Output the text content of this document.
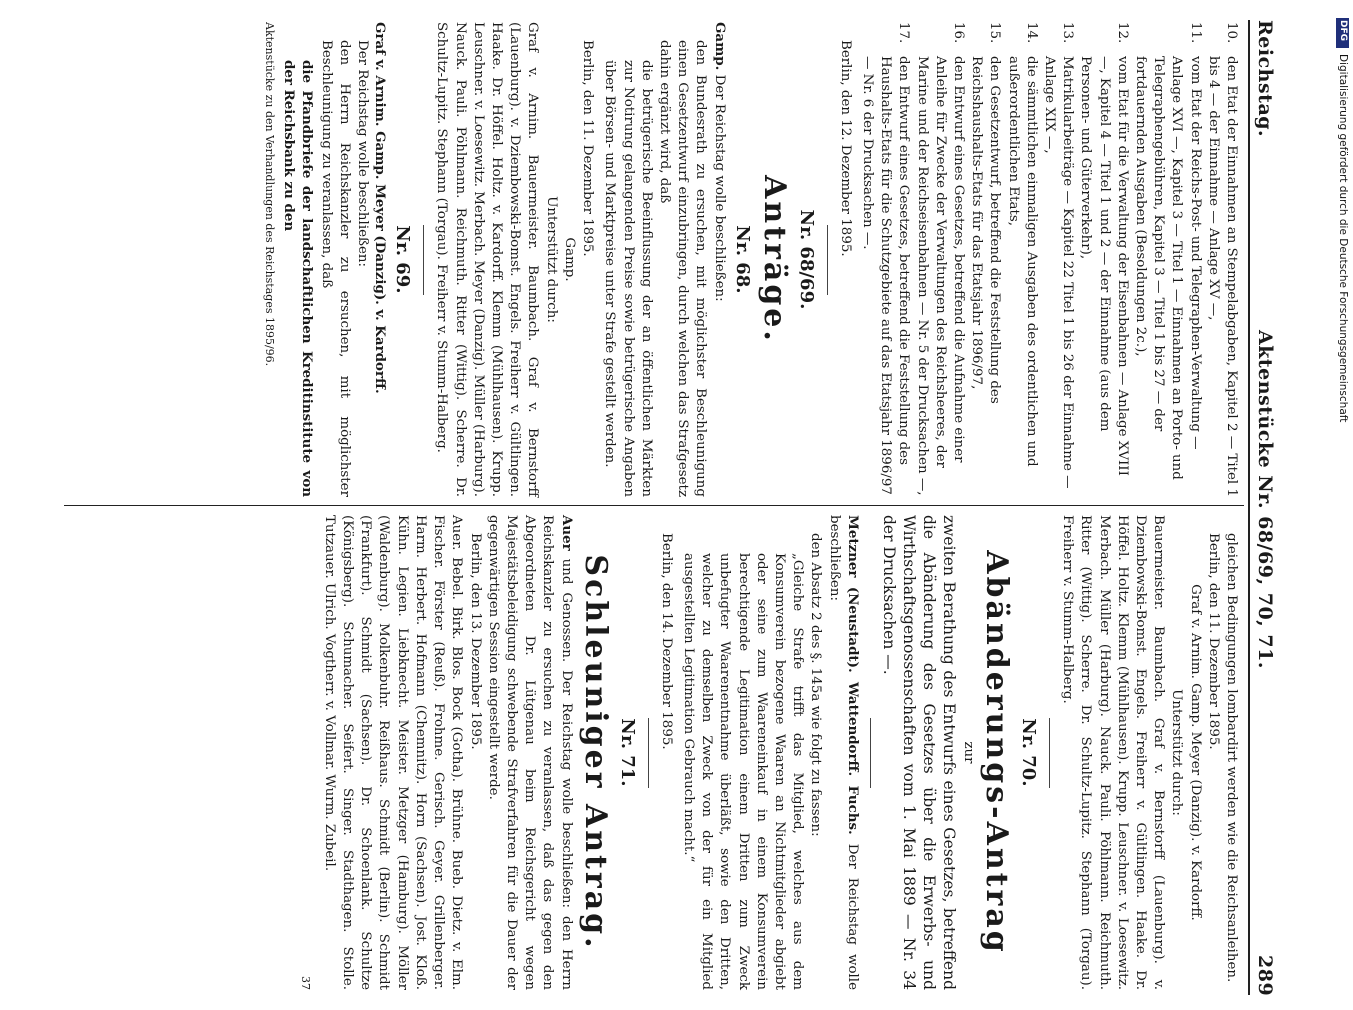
Reichstag.
Aktenstücke Nr. 68/69, 70, 71.
289

10.
den Etat der Einnahmen an Stempelabgaben, Kapitel 2 — Titel 1 bis 4 — der Einnahme — Anlage XV —,

11.
vom Etat der Reichs-Post- und Telegraphen-Verwaltung — Anlage XVI —, Kapitel 3 — Titel 1 — Einnahmen an Porto- und Telegraphengebühren, Kapitel 3 — Titel 1 bis 27 — der fortdauernden Ausgaben (Besoldungen 2c.),

12.
vom Etat für die Verwaltung der Eisenbahnen — Anlage XVIII —, Kapitel 4 — Titel 1 und 2 — der Einnahme (aus dem Personen- und Güterverkehr),

13.
Matrikularbeiträge — Kapitel 22 Titel 1 bis 26 der Einnahme — Anlage XIX —,

14.
die sämmtlichen einmaligen Ausgaben des ordentlichen und außerordentlichen Etats,

15.
den Gesetzentwurf, betreffend die Feststellung des Reichshaushalts-Etats für das Etatsjahr 1896/97,

16.
den Entwurf eines Gesetzes, betreffend die Aufnahme einer Anleihe für Zwecke der Verwaltungen des Reichsheeres, der Marine und der Reichseisenbahnen — Nr. 5 der Drucksachen —,

17.
den Entwurf eines Gesetzes, betreffend die Feststellung des Haushalts-Etats für die Schutzgebiete auf das Etatsjahr 1896/97 — Nr. 6 der Drucksachen —.

Berlin, den 12. Dezember 1895.

Nr. 68/69.

Anträge.

Nr. 68.

Gamp. Der Reichstag wolle beschließen:

den Bundesrath zu ersuchen, mit möglichster Beschleunigung einen Gesetzentwurf einzubringen, durch welchen das Strafgesetz dahin ergänzt wird, daß

die betrügerische Beeinflussung der an öffentlichen Märkten zur Notirung gelangenden Preise sowie betrügerische Angaben über Börsen- und Marktpreise unter Strafe gestellt werden.

Berlin, den 11. Dezember 1895.

Gamp.

Unterstützt durch:

Graf v. Arnim. Bauermeister. Baumbach. Graf v. Bernstorff (Lauenburg). v. Dziembowski-Bomst. Engels. Freiherr v. Gültlingen. Haake. Dr. Höffel. Holtz. v. Kardorff. Klemm (Mühlhausen). Krupp. Leuschner. v. Loesewitz. Merbach. Meyer (Danzig). Müller (Harburg). Nauck. Pauli. Pöhlmann. Reichmuth. Ritter (Wittig). Scherre. Dr. Schultz-Lupitz. Stephann (Torgau). Freiherr v. Stumm-Halberg.

Nr. 69.

Graf v. Arnim. Gamp. Meyer (Danzig). v. Kardorff.

Der Reichstag wolle beschließen:

den Herrn Reichskanzler zu ersuchen, mit möglichster Beschleunigung zu veranlassen, daß

die Pfandbriefe der landschaftlichen Kreditinstitute von der Reichsbank zu den

Aktenstücke zu den Verhandlungen des Reichstages 1895/96.

gleichen Bedingungen lombardirt werden wie die Reichsanleihen.

Berlin, den 11. Dezember 1895.

Graf v. Arnim. Gamp. Meyer (Danzig). v. Kardorff.

Unterstützt durch:

Bauermeister. Baumbach. Graf v. Bernstorff (Lauenburg). v. Dziembowski-Bomst. Engels. Freiherr v. Gültlingen. Haake. Dr. Höffel. Holtz. Klemm (Mühlhausen). Krupp. Leuschner. v. Loesewitz. Merbach. Müller (Harburg). Nauck. Pauli. Pöhlmann. Reichmuth. Ritter (Wittig). Scherre. Dr. Schultz-Lupitz. Stephann (Torgau). Freiherr v. Stumm-Halberg.

Nr. 70.

Abänderungs-Antrag

zur

zweiten Berathung des Entwurfs eines Gesetzes, betreffend die Abänderung des Gesetzes über die Erwerbs- und Wirthschaftsgenossenschaften vom 1. Mai 1889 — Nr. 34 der Drucksachen —.

Metzner (Neustadt). Wattendorff. Fuchs. Der Reichstag wolle beschließen:

den Absatz 2 des §. 145a wie folgt zu fassen:

„Gleiche Strafe trifft das Mitglied, welches aus dem Konsumverein bezogene Waaren an Nichtmitglieder abgiebt oder seine zum Waareneinkauf in einem Konsumverein berechtigende Legitimation einem Dritten zum Zweck unbefugter Waarenentnahme überläßt, sowie den Dritten, welcher zu demselben Zweck von der für ein Mitglied ausgestellten Legitimation Gebrauch macht.“

Berlin, den 14. Dezember 1895.

Nr. 71.

Schleuniger Antrag.

Auer und Genossen. Der Reichstag wolle beschließen: den Herrn Reichskanzler zu ersuchen zu veranlassen, daß das gegen den Abgeordneten Dr. Lütgenau beim Reichsgericht wegen Majestätsbeleidigung schwebende Strafverfahren für die Dauer der gegenwärtigen Session eingestellt werde.

Berlin, den 13. Dezember 1895.

Auer. Bebel. Birk. Blos. Bock (Gotha). Brühne. Bueb. Dietz. v. Elm. Fischer. Förster (Reuß). Frohme. Gerisch. Geyer. Grillenberger. Harm. Herbert. Hofmann (Chemnitz). Horn (Sachsen). Jost. Kloß. Kühn. Legien. Liebknecht. Meister. Metzger (Hamburg). Möller (Waldenburg). Molkenbuhr. Reißhaus. Schmidt (Berlin). Schmidt (Frankfurt). Schmidt (Sachsen). Dr. Schoenlank. Schultze (Königsberg). Schumacher. Seifert. Singer. Stadthagen. Stolle. Tutzauer. Ulrich. Vogtherr. v. Vollmar. Wurm. Zubeil.

37

DFG
Digitalisierung gefördert durch die Deutsche Forschungsgemeinschaft
